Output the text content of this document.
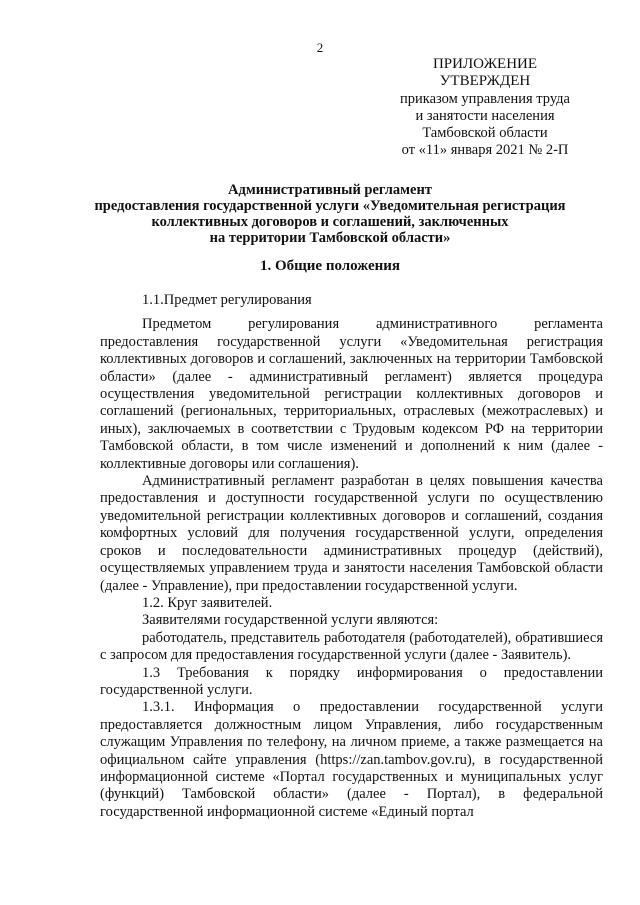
2
ПРИЛОЖЕНИЕ
УТВЕРЖДЕН
приказом управления труда
и занятости населения
Тамбовской области
от «11» января 2021 № 2-П
Административный регламент
предоставления государственной услуги «Уведомительная регистрация
коллективных договоров и соглашений, заключенных
на территории Тамбовской области»
1. Общие положения

1.1.Предмет регулирования

Предметом регулирования административного регламента предоставления государственной услуги «Уведомительная регистрация коллективных договоров и соглашений, заключенных на территории Тамбовской области» (далее - административный регламент) является процедура осуществления уведомительной регистрации коллективных договоров и соглашений (региональных, территориальных, отраслевых (межотраслевых) и иных), заключаемых в соответствии с Трудовым кодексом РФ на территории Тамбовской области, в том числе изменений и дополнений к ним (далее - коллективные договоры или соглашения).

Административный регламент разработан в целях повышения качества предоставления и доступности государственной услуги по осуществлению уведомительной регистрации коллективных договоров и соглашений, создания комфортных условий для получения государственной услуги, определения сроков и последовательности административных процедур (действий), осуществляемых управлением труда и занятости населения Тамбовской области (далее - Управление), при предоставлении государственной услуги.

1.2. Круг заявителей.

Заявителями государственной услуги являются:

работодатель, представитель работодателя (работодателей), обратившиеся с запросом для предоставления государственной услуги (далее - Заявитель).

1.3 Требования к порядку информирования о предоставлении государственной услуги.

1.3.1. Информация о предоставлении государственной услуги предоставляется должностным лицом Управления, либо государственным служащим Управления по телефону, на личном приеме, а также размещается на официальном сайте управления (https://zan.tambov.gov.ru), в государственной информационной системе «Портал государственных и муниципальных услуг (функций) Тамбовской области» (далее - Портал), в федеральной государственной информационной системе «Единый портал
